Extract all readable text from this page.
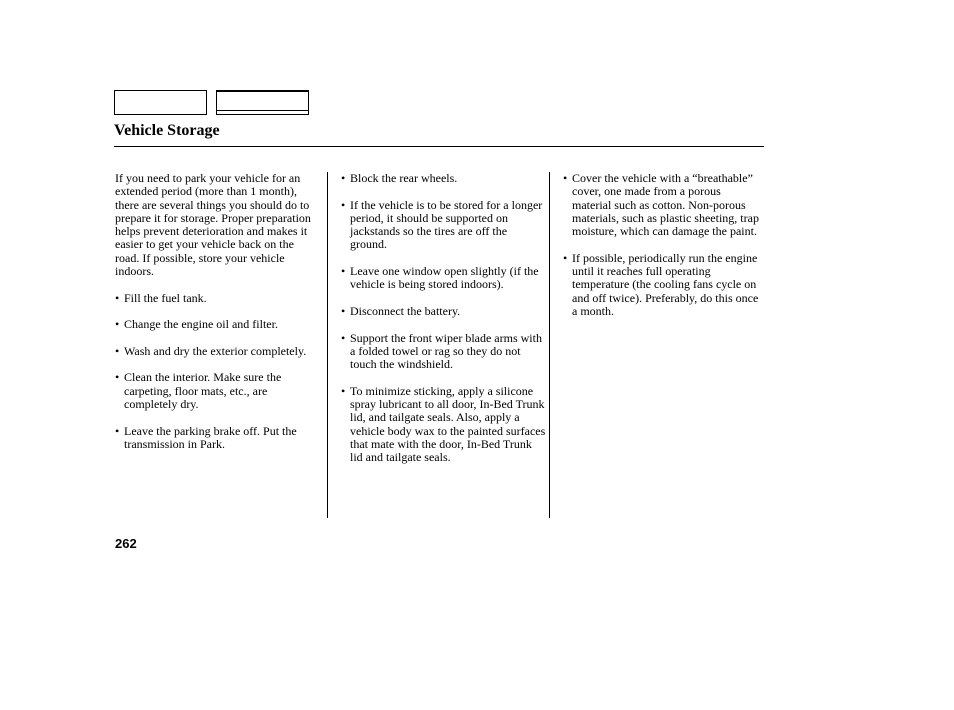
Vehicle Storage

If you need to park your vehicle for an extended period (more than 1 month), there are several things you should do to prepare it for storage. Proper preparation helps prevent deterioration and makes it easier to get your vehicle back on the road. If possible, store your vehicle indoors.

• Fill the fuel tank.
• Change the engine oil and filter.
• Wash and dry the exterior completely.
• Clean the interior. Make sure the carpeting, floor mats, etc., are completely dry.
• Leave the parking brake off. Put the transmission in Park.
• Block the rear wheels.
• If the vehicle is to be stored for a longer period, it should be supported on jackstands so the tires are off the ground.
• Leave one window open slightly (if the vehicle is being stored indoors).
• Disconnect the battery.
• Support the front wiper blade arms with a folded towel or rag so they do not touch the windshield.
• To minimize sticking, apply a silicone spray lubricant to all door, In-Bed Trunk lid, and tailgate seals. Also, apply a vehicle body wax to the painted surfaces that mate with the door, In-Bed Trunk lid and tailgate seals.
• Cover the vehicle with a “breathable” cover, one made from a porous material such as cotton. Non-porous materials, such as plastic sheeting, trap moisture, which can damage the paint.
• If possible, periodically run the engine until it reaches full operating temperature (the cooling fans cycle on and off twice). Preferably, do this once a month.
262
